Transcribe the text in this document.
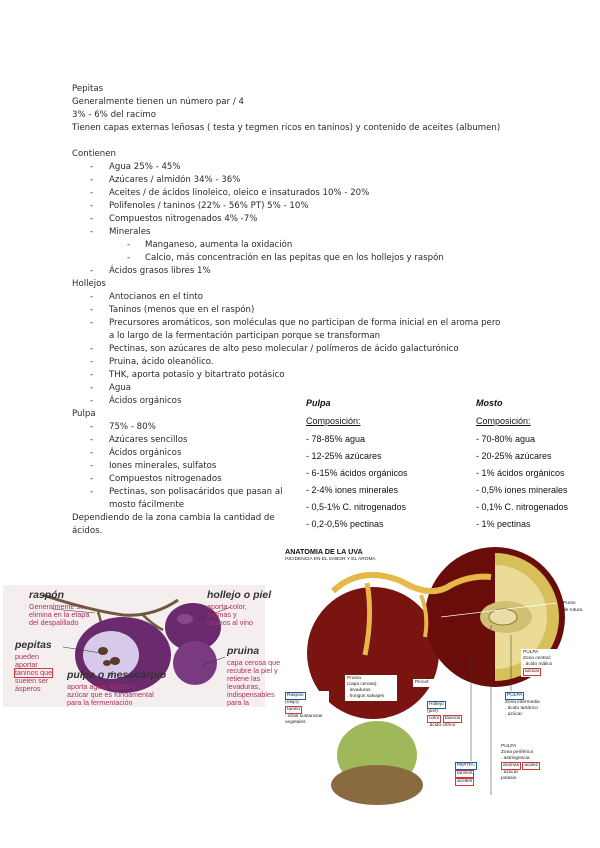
Pepitas
Generalmente tienen un número par / 4
3% - 6% del racimo
Tienen capas externas leñosas ( testa y tegmen ricos en taninos) y contenido de aceites (albumen)
Contienen
- Agua 25% - 45%
- Azúcares / almidón 34% - 36%
- Aceites / de ácidos linoleico, oleico e insaturados 10% - 20%
- Polifenoles / taninos (22% - 56% PT) 5% - 10%
- Compuestos nitrogenados 4% -7%
- Minerales
- Manganeso, aumenta la oxidación
- Calcio, más concentración en las pepitas que en los hollejos y raspón
- Ácidos grasos libres 1%
Hollejos
- Antocianos en el tinto
- Taninos (menos que en el raspón)
- Precursores aromáticos, son moléculas que no participan de forma inicial en el aroma pero
a lo largo de la fermentación participan porque se transforman
- Pectinas, son azúcares de alto peso molecular / polímeros de ácido galacturónico
- Pruina, ácido oleanólico.
- THK, aporta potasio y bitartrato potásico
- Agua
- Ácidos orgánicos
Pulpa
- 75% - 80%
- Azúcares sencillos
- Ácidos orgánicos
- Iones minerales, sulfatos
- Compuestos nitrogenados
- Pectinas, son polisacáridos que pasan al
mosto fácilmente
Dependiendo de la zona cambia la cantidad de
ácidos.
Pulpa
Composición:
- 78-85% agua
- 12-25% azúcares
- 6-15% ácidos orgánicos
- 2-4% iones minerales
- 0,5-1% C. nitrogenados
- 0,2-0,5% pectinas
Mosto
Composición:
- 70-80% agua
- 20-25% azúcares
- 1% ácidos orgánicos
- 0,5% iones minerales
- 0,1% C. nitrogenados
- 1% pectinas
raspón
Generalmente se
elimina en la etapa
del despalillado
hollejo o piel
aporta color,
aromas y
taninos al vino
pepitas
pueden
aportar
taninos que
suelen ser
ásperos
pruina
capa cerosa que
recubre la piel y
retiene las
levaduras,
indispensables
para la
pulpa o mesocarpio
aporta agua, ácidos y
azúcar que es fundamental
para la fermentación
ANATOMIA DE LA UVA
INCIDENCIA EN EL SABOR Y EL AROMA
Punto
de rotura
Raspón
(rasjo):
tanino
. otras sustancias
vegetales
Pruina
(capa cerosa):
. levaduras
. hongos salvajes
Pincel:
Hollejo
(piel):
color taninos
. ácido cítrico
PEPITA: taninos aceites
PULPA
Zona central:
. ácido málico
azúcar
PULPA
Zona intermedia
. ácido tartárico
. azúcar
PULPA
Zona periférica
. astringencia
aromas acidez
. azúcar
potasio
